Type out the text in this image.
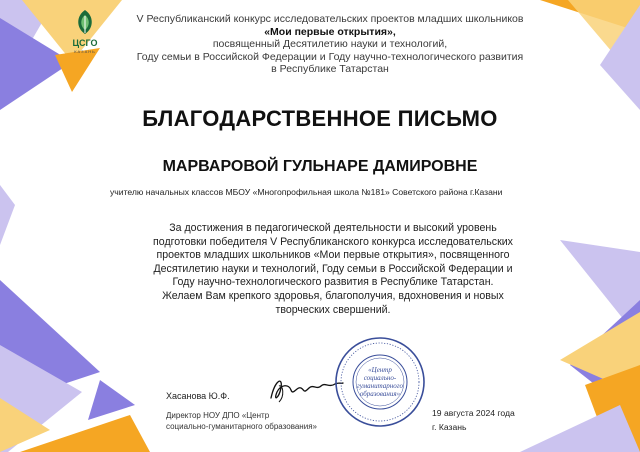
ЦСГО
КАЗАНЬ
V Республиканский конкурс исследовательских проектов младших школьников
«Мои первые открытия»,
посвященный Десятилетию науки и технологий,
Году семьи в Российской Федерации и Году научно-технологического развития
в Республике Татарстан
БЛАГОДАРСТВЕННОЕ ПИСЬМО
МАРВАРОВОЙ ГУЛЬНАРЕ ДАМИРОВНЕ
учителю начальных классов МБОУ «Многопрофильная школа №181» Советского района г.Казани
За достижения в педагогической деятельности и высокий уровень
подготовки победителя V Республиканского конкурса исследовательских
проектов младших школьников «Мои первые открытия», посвященного
Десятилетию науки и технологий, Году семьи в Российской Федерации и
Году научно-технологического развития в Республике Татарстан.
Желаем Вам крепкого здоровья, благополучия, вдохновения и новых
творческих свершений.
Хасанова Ю.Ф.
Директор НОУ ДПО «Центр
социально-гуманитарного образования»
«Центр
социально-
гуманитарного
образования»
19 августа 2024 года
г. Казань
